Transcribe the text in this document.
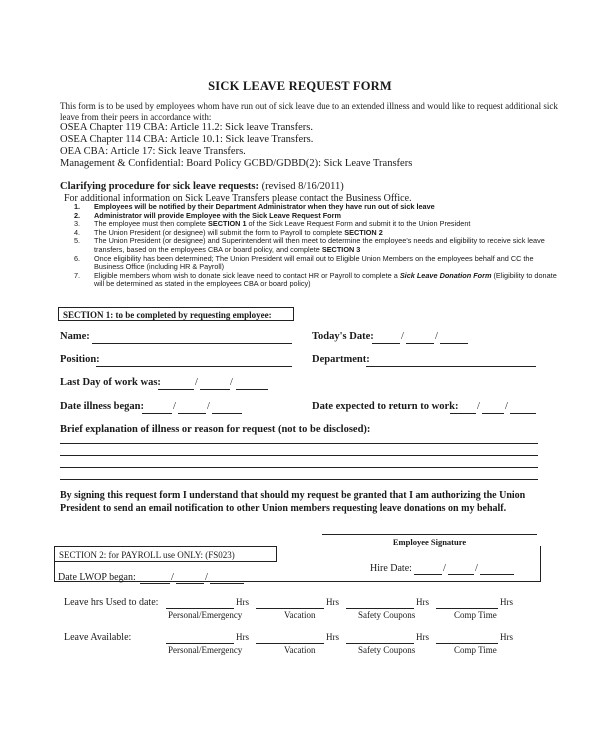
SICK LEAVE REQUEST FORM
This form is to be used by employees whom have run out of sick leave due to an extended illness and would like to request additional sick leave from their peers in accordance with:
OSEA Chapter 119 CBA: Article 11.2: Sick leave Transfers.
OSEA Chapter 114 CBA: Article 10.1: Sick leave Transfers.
OEA CBA: Article 17: Sick leave Transfers.
Management & Confidential: Board Policy GCBD/GDBD(2): Sick Leave Transfers
Clarifying procedure for sick leave requests: (revised 8/16/2011)
For additional information on Sick Leave Transfers please contact the Business Office.
1. Employees will be notified by their Department Administrator when they have run out of sick leave
2. Administrator will provide Employee with the Sick Leave Request Form
3. The employee must then complete SECTION 1 of the Sick Leave Request Form and submit it to the Union President
4. The Union President (or designee) will submit the form to Payroll to complete SECTION 2
5. The Union President (or designee) and Superintendent will then meet to determine the employee's needs and eligibility to receive sick leave transfers, based on the employees CBA or board policy, and complete SECTION 3
6. Once eligibility has been determined; The Union President will email out to Eligible Union Members on the employees behalf and CC the Business Office (including HR & Payroll)
7. Eligible members whom wish to donate sick leave need to contact HR or Payroll to complete a Sick Leave Donation Form (Eligibility to donate will be determined as stated in the employees CBA or board policy)
SECTION 1: to be completed by requesting employee:
Name:	Today's Date:	/	/
Position:	Department:
Last Day of work was:	/	/
Date illness began:	/	/	Date expected to return to work: / /
Brief explanation of illness or reason for request (not to be disclosed):
By signing this request form I understand that should my request be granted that I am authorizing the Union President to send an email notification to other Union members requesting leave donations on my behalf.
Employee Signature
SECTION 2: for PAYROLL use ONLY: (FS023)
Date LWOP began:	/	/
Hire Date:	/	/
Leave hrs Used to date:	Hrs	Hrs	Hrs	Hrs
Personal/Emergency	Vacation	Safety Coupons	Comp Time
Leave Available:	Hrs	Hrs	Hrs	Hrs
Personal/Emergency	Vacation	Safety Coupons	Comp Time
